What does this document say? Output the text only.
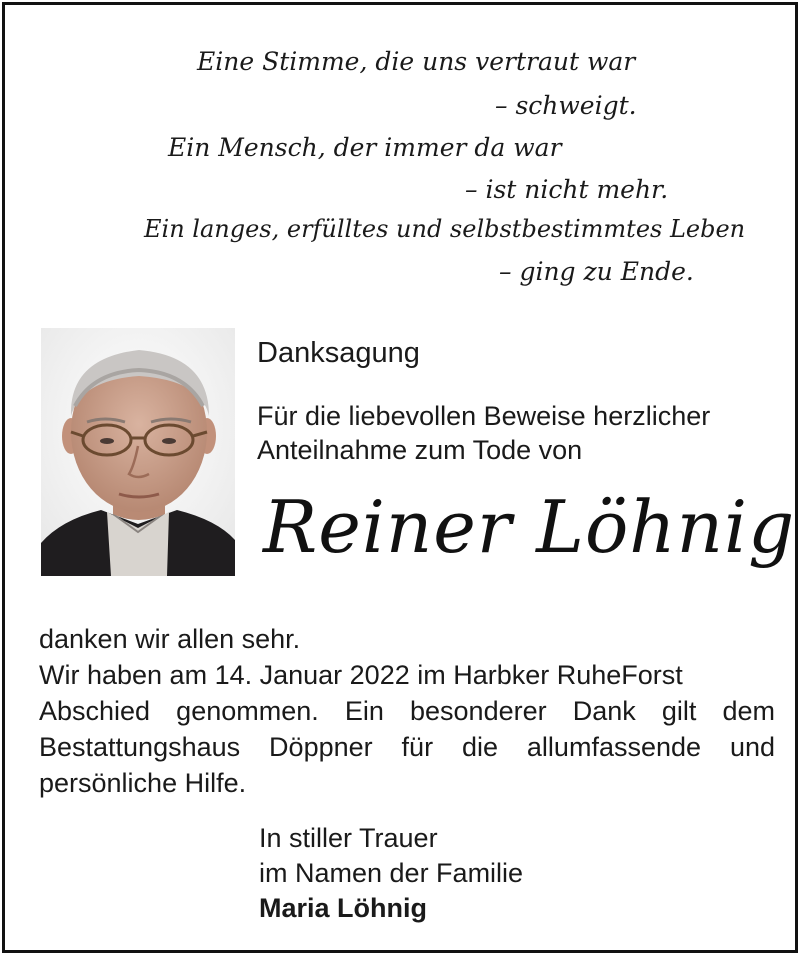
Eine Stimme, die uns vertraut war
– schweigt.
Ein Mensch, der immer da war
– ist nicht mehr.
Ein langes, erfülltes und selbstbestimmtes Leben
– ging zu Ende.
Danksagung
Für die liebevollen Beweise herzlicher
Anteilnahme zum Tode von
Reiner Löhnig
danken wir allen sehr.
Wir haben am 14. Januar 2022 im Harbker RuheForst
Abschied genommen. Ein besonderer Dank gilt dem
Bestattungshaus Döppner für die allumfassende und
persönliche Hilfe.
In stiller Trauer
im Namen der Familie
Maria Löhnig
